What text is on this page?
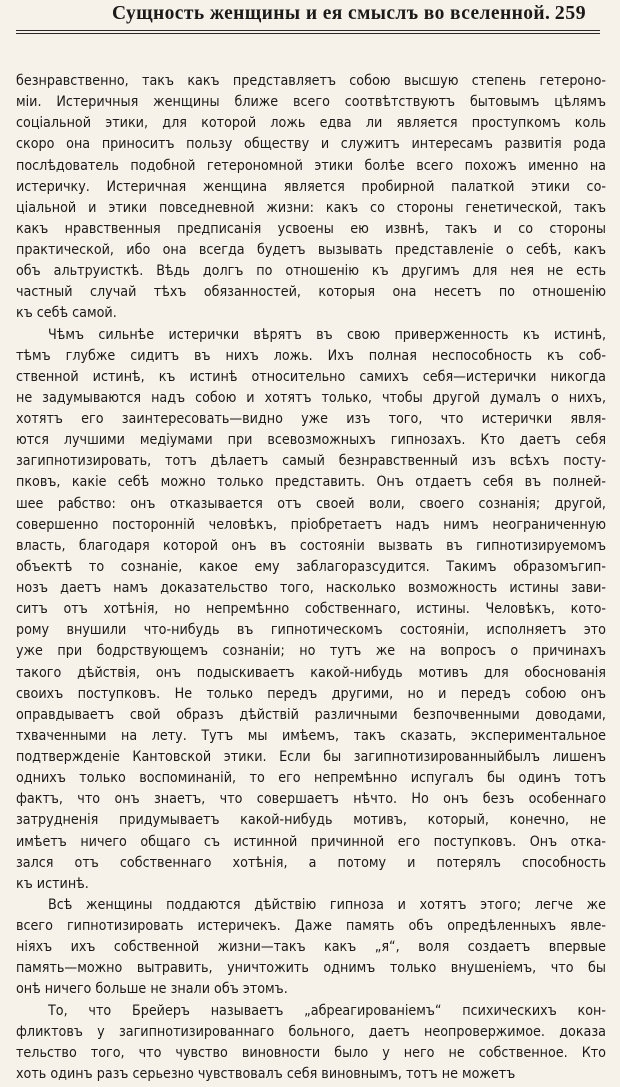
Сущность женщины и ея смыслъ во вселенной. 259
безнравственно, такъ какъ представляетъ собою высшую степень гетероно-
міи. Истеричныя женщины ближе всего соотвѣтствуютъ бытовымъ цѣлямъ
соціальной этики, для которой ложь едва ли является проступкомъ коль
скоро она приноситъ пользу обществу и служитъ интересамъ развитія рода
послѣдователь подобной гетерономной этики болѣе всего похожъ именно на
истеричку. Истеричная женщина является пробирной палаткой этики со-
ціальной и этики повседневной жизни: какъ со стороны генетической, такъ
какъ нравственныя предписанія усвоены ею извнѣ, такъ и со стороны
практической, ибо она всегда будетъ вызывать представленіе о себѣ, какъ
объ альтруисткѣ. Вѣдь долгъ по отношенію къ другимъ для нея не есть
частный случай тѣхъ обязанностей, которыя она несетъ по отношенію
къ себѣ самой.
Чѣмъ сильнѣе истерички вѣрятъ въ свою приверженность къ истинѣ,
тѣмъ глубже сидитъ въ нихъ ложь. Ихъ полная неспособность къ соб-
ственной истинѣ, къ истинѣ относительно самихъ себя—истерички никогда
не задумываются надъ собою и хотятъ только, чтобы другой думалъ о нихъ,
хотятъ его заинтересовать—видно уже изъ того, что истерички явля-
ются лучшими медіумами при всевозможныхъ гипнозахъ. Кто даетъ себя
загипнотизировать, тотъ дѣлаетъ самый безнравственный изъ всѣхъ посту-
пковъ, какіе себѣ можно только представить. Онъ отдаетъ себя въ полней-
шее рабство: онъ отказывается отъ своей воли, своего сознанія; другой,
совершенно посторонній человѣкъ, пріобретаетъ надъ нимъ неограниченную
власть, благодаря которой онъ въ состояніи вызвать въ гипнотизируемомъ
объектѣ то сознаніе, какое ему заблагоразсудится. Такимъ образомъгип-
нозъ даетъ намъ доказательство того, насколько возможность истины зави-
ситъ отъ хотѣнія, но непремѣнно собственнаго, истины. Человѣкъ, кото-
рому внушили что-нибудь въ гипнотическомъ состояніи, исполняетъ это
уже при бодрствующемъ сознаніи; но тутъ же на вопросъ о причинахъ
такого дѣйствія, онъ подыскиваетъ какой-нибудь мотивъ для обоснованія
своихъ поступковъ. Не только передъ другими, но и передъ собою онъ
оправдываетъ свой образъ дѣйствій различными безпочвенными доводами,
тхваченными на лету. Тутъ мы имѣемъ, такъ сказать, экспериментальное
подтвержденіе Кантовской этики. Если бы загипнотизированныйбылъ лишенъ
однихъ только воспоминаній, то его непремѣнно испугалъ бы одинъ тотъ
фактъ, что онъ знаетъ, что совершаетъ нѣчто. Но онъ безъ особеннаго
затрудненія придумываетъ какой-нибудь мотивъ, который, конечно, не
имѣетъ ничего общаго съ истинной причинной его поступковъ. Онъ отка-
зался отъ собственнаго хотѣнія, а потому и потерялъ способность
къ истинѣ.
Всѣ женщины поддаются дѣйствію гипноза и хотятъ этого; легче же
всего гипнотизировать истеричекъ. Даже память объ опредѣленныхъ явле-
ніяхъ ихъ собственной жизни—такъ какъ „я“, воля создаетъ впервые
память—можно вытравить, уничтожить однимъ только внушеніемъ, что бы
онѣ ничего больше не знали объ этомъ.
То, что Брейеръ называетъ „абреагированіемъ“ психическихъ кон-
фликтовъ у загипнотизированнаго больного, даетъ неопровержимое. доказа
тельство того, что чувство виновности было у него не собственное. Кто
хоть одинъ разъ серьезно чувствовалъ себя виновнымъ, тотъ не можетъ
